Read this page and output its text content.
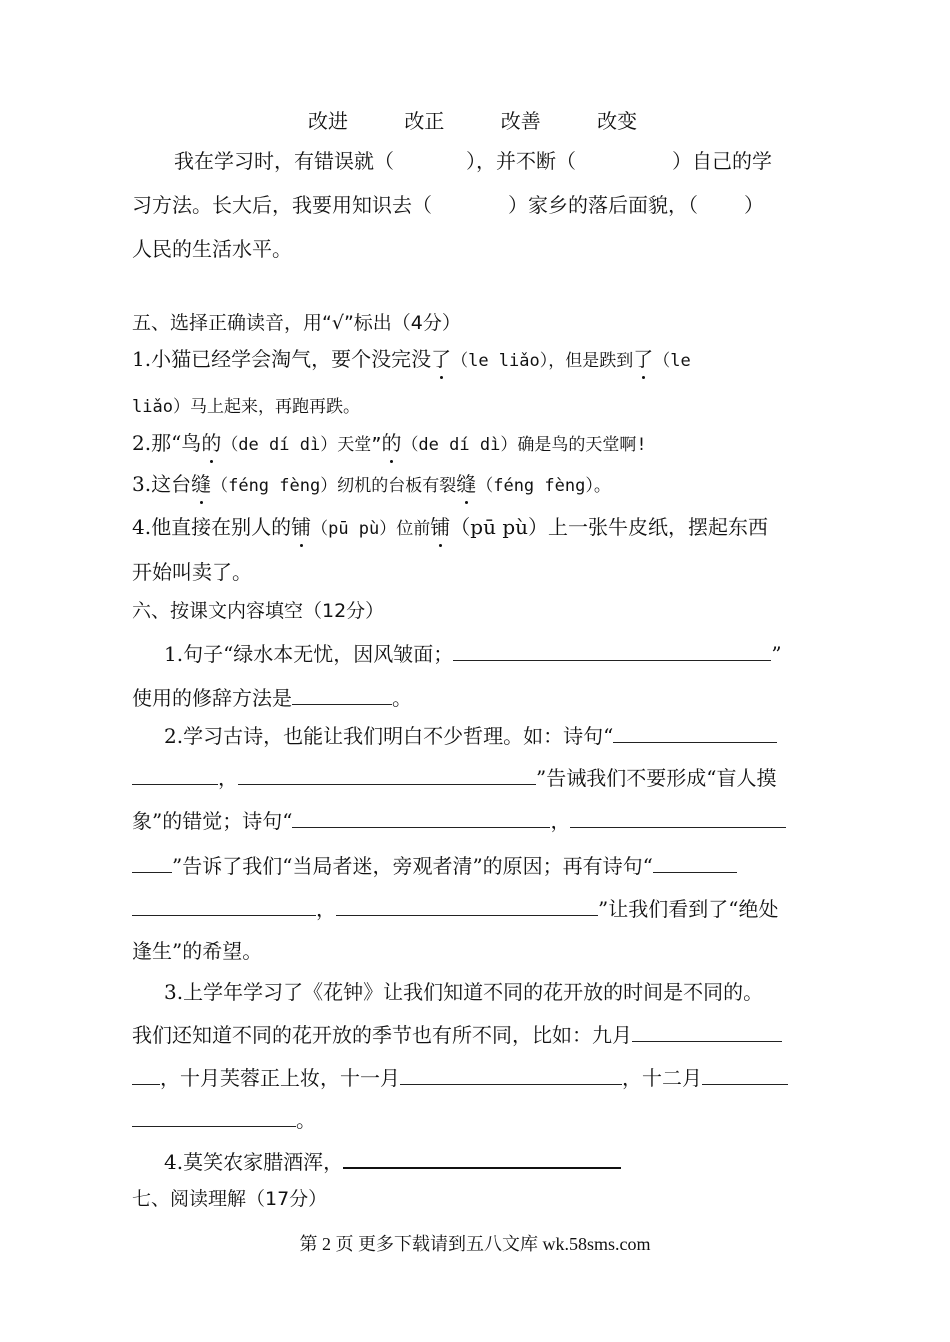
改进	改正	改善	改变
我在学习时，有错误就（	），并不断（	）自己的学
习方法。长大后，我要用知识去（	）家乡的落后面貌，（ ）
人民的生活水平。
五、选择正确读音，用“√”标出（4分）
1.小猫已经学会淘气，要个没完没了（le liǎo），但是跌到了（le
liǎo）马上起来，再跑再跌。
2.那“鸟的（de dí dì）天堂”的（de dí dì）确是鸟的天堂啊!
3.这台缝（féng fèng）纫机的台板有裂缝（féng fèng）。
4.他直接在别人的铺（pū pù）位前铺（pū pù）上一张牛皮纸，摆起东西
开始叫卖了。
六、按课文内容填空（12分）
1.句子“绿水本无忧，因风皱面；	”
使用的修辞方法是	。
2.学习古诗，也能让我们明白不少哲理。如：诗句“
，	”告诫我们不要形成“盲人摸
象”的错觉；诗句“	，
”告诉了我们“当局者迷，旁观者清”的原因；再有诗句“
，	”让我们看到了“绝处
逢生”的希望。
3.上学年学习了《花钟》让我们知道不同的花开放的时间是不同的。
我们还知道不同的花开放的季节也有所不同，比如：九月
，十月芙蓉正上妆，十一月	，十二月
。
4.莫笑农家腊酒浑，
七、阅读理解（17分）
第 2 页 更多下载请到五八文库 wk.58sms.com
